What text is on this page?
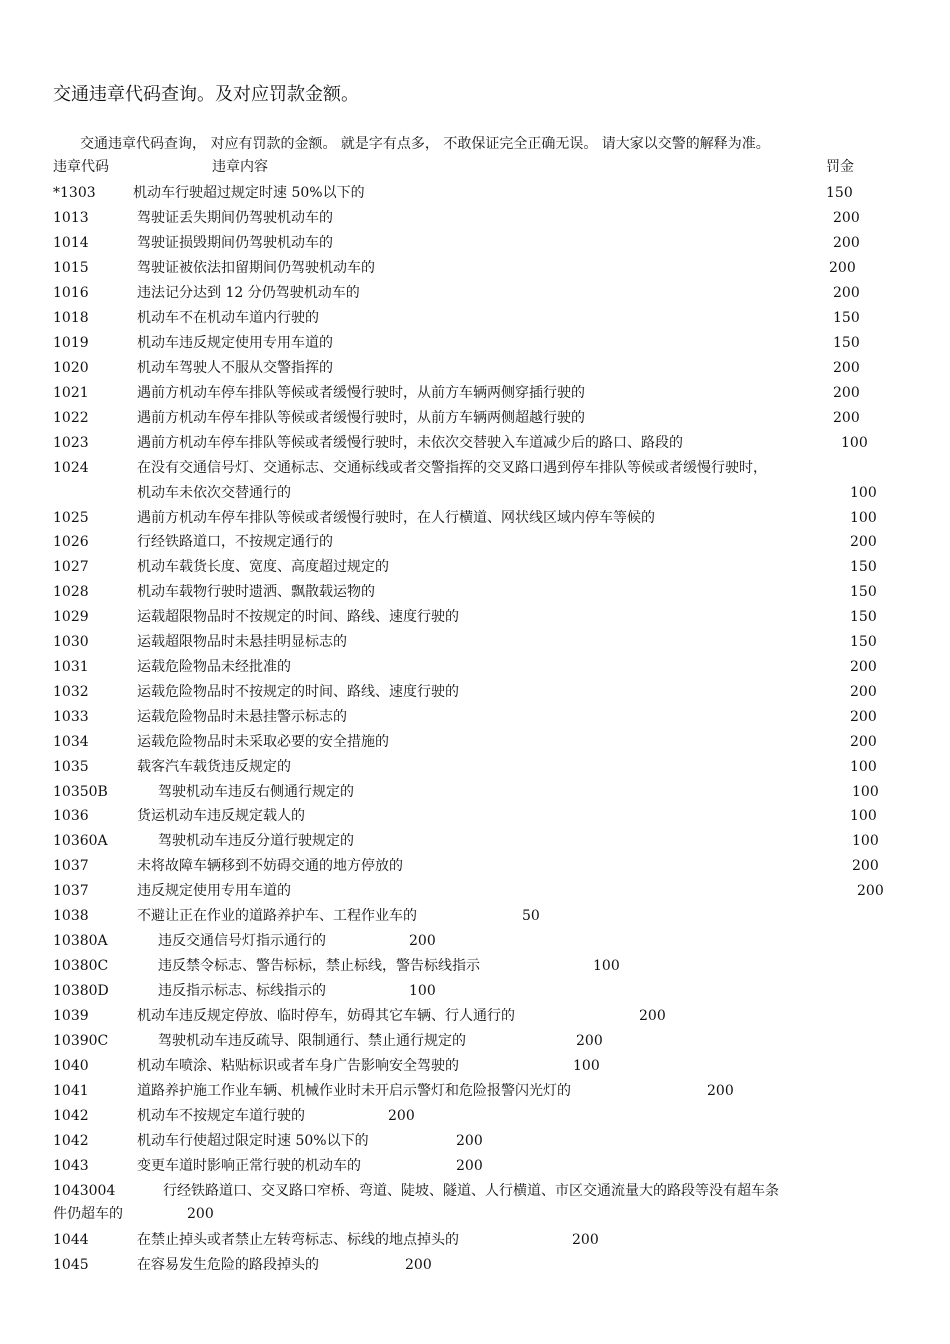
交通违章代码查询。及对应罚款金额。
交通违章代码查询， 对应有罚款的金额。 就是字有点多， 不敢保证完全正确无误。 请大家以交警的解释为准。
违章代码	违章内容	罚金
*1303	机动车行驶超过规定时速 50%以下的	150
1013	驾驶证丢失期间仍驾驶机动车的	200
1014	驾驶证损毁期间仍驾驶机动车的	200
1015	驾驶证被依法扣留期间仍驾驶机动车的	200
1016	违法记分达到 12 分仍驾驶机动车的	200
1018	机动车不在机动车道内行驶的	150
1019	机动车违反规定使用专用车道的	150
1020	机动车驾驶人不服从交警指挥的	200
1021	遇前方机动车停车排队等候或者缓慢行驶时，从前方车辆两侧穿插行驶的	200
1022	遇前方机动车停车排队等候或者缓慢行驶时，从前方车辆两侧超越行驶的	200
1023	遇前方机动车停车排队等候或者缓慢行驶时，未依次交替驶入车道减少后的路口、路段的	100
1024	在没有交通信号灯、交通标志、交通标线或者交警指挥的交叉路口遇到停车排队等候或者缓慢行驶时，
机动车未依次交替通行的	100
1025	遇前方机动车停车排队等候或者缓慢行驶时，在人行横道、网状线区域内停车等候的	100
1026	行经铁路道口，不按规定通行的	200
1027	机动车载货长度、宽度、高度超过规定的	150
1028	机动车载物行驶时遗洒、飘散载运物的	150
1029	运载超限物品时不按规定的时间、路线、速度行驶的	150
1030	运载超限物品时未悬挂明显标志的	150
1031	运载危险物品未经批准的	200
1032	运载危险物品时不按规定的时间、路线、速度行驶的	200
1033	运载危险物品时未悬挂警示标志的	200
1034	运载危险物品时未采取必要的安全措施的	200
1035	载客汽车载货违反规定的	100
10350B	驾驶机动车违反右侧通行规定的	100
1036	货运机动车违反规定载人的	100
10360A	驾驶机动车违反分道行驶规定的	100
1037	未将故障车辆移到不妨碍交通的地方停放的	200
1037	违反规定使用专用车道的	200
1038	不避让正在作业的道路养护车、工程作业车的	50
10380A	违反交通信号灯指示通行的	200
10380C	违反禁令标志、警告标标，禁止标线，警告标线指示	100
10380D	违反指示标志、标线指示的	100
1039	机动车违反规定停放、临时停车，妨碍其它车辆、行人通行的	200
10390C	驾驶机动车违反疏导、限制通行、禁止通行规定的	200
1040	机动车喷涂、粘贴标识或者车身广告影响安全驾驶的	100
1041	道路养护施工作业车辆、机械作业时未开启示警灯和危险报警闪光灯的	200
1042	机动车不按规定车道行驶的	200
1042	机动车行使超过限定时速 50%以下的	200
1043	变更车道时影响正常行驶的机动车的	200
1043004	行经铁路道口、交叉路口窄桥、弯道、陡坡、隧道、人行横道、市区交通流量大的路段等没有超车条
件仍超车的	200
1044	在禁止掉头或者禁止左转弯标志、标线的地点掉头的	200
1045	在容易发生危险的路段掉头的	200
